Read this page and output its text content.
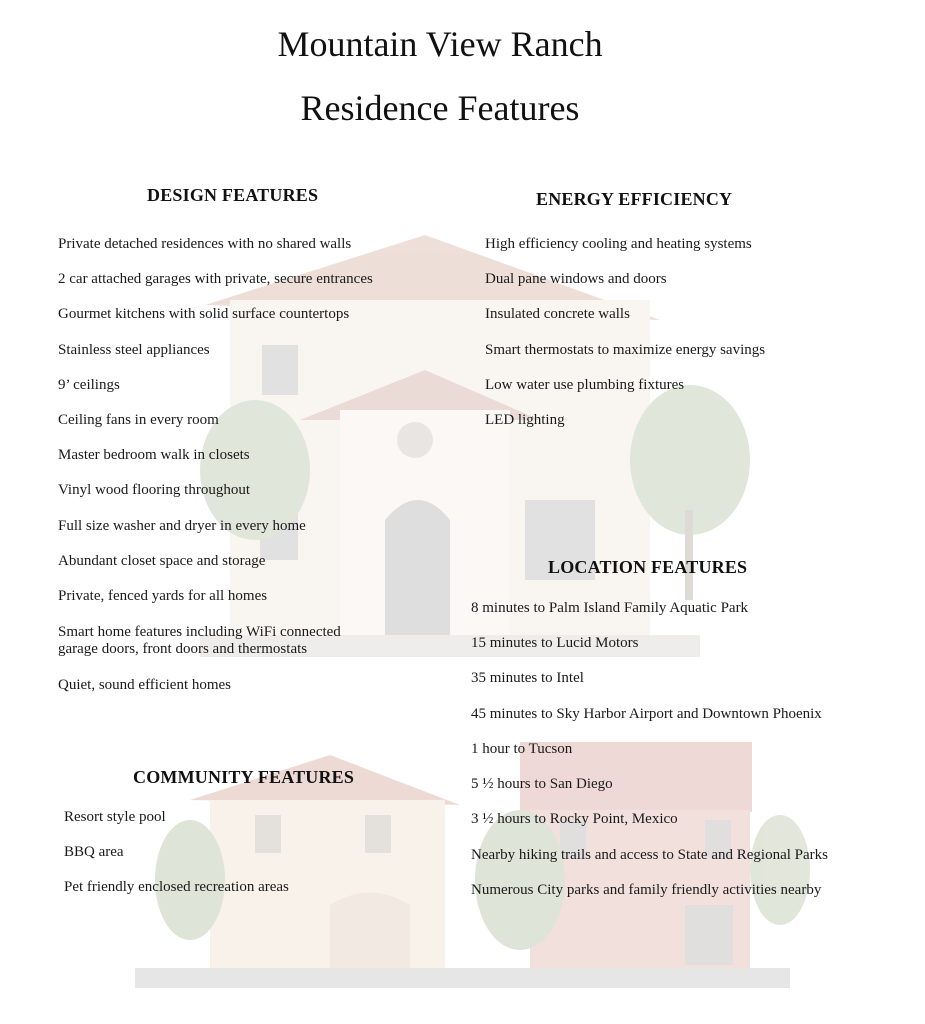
Mountain View Ranch
Residence Features
DESIGN FEATURES
Private detached residences with no shared walls
2 car attached garages with private, secure entrances
Gourmet kitchens with solid surface countertops
Stainless steel appliances
9’ ceilings
Ceiling fans in every room
Master bedroom walk in closets
Vinyl wood flooring throughout
Full size washer and dryer in every home
Abundant closet space and storage
Private, fenced yards for all homes
Smart home features including WiFi connected garage doors, front doors and thermostats
Quiet, sound efficient homes
ENERGY EFFICIENCY
High efficiency cooling and heating systems
Dual pane windows and doors
Insulated concrete walls
Smart thermostats to maximize energy savings
Low water use plumbing fixtures
LED lighting
LOCATION FEATURES
8 minutes to Palm Island Family Aquatic Park
15 minutes to Lucid Motors
35 minutes to Intel
45 minutes to Sky Harbor Airport and Downtown Phoenix
1 hour to Tucson
5 ½ hours to San Diego
3 ½ hours to Rocky Point, Mexico
Nearby hiking trails and access to State and Regional Parks
Numerous City parks and family friendly activities nearby
COMMUNITY FEATURES
Resort style pool
BBQ area
Pet friendly enclosed recreation areas
